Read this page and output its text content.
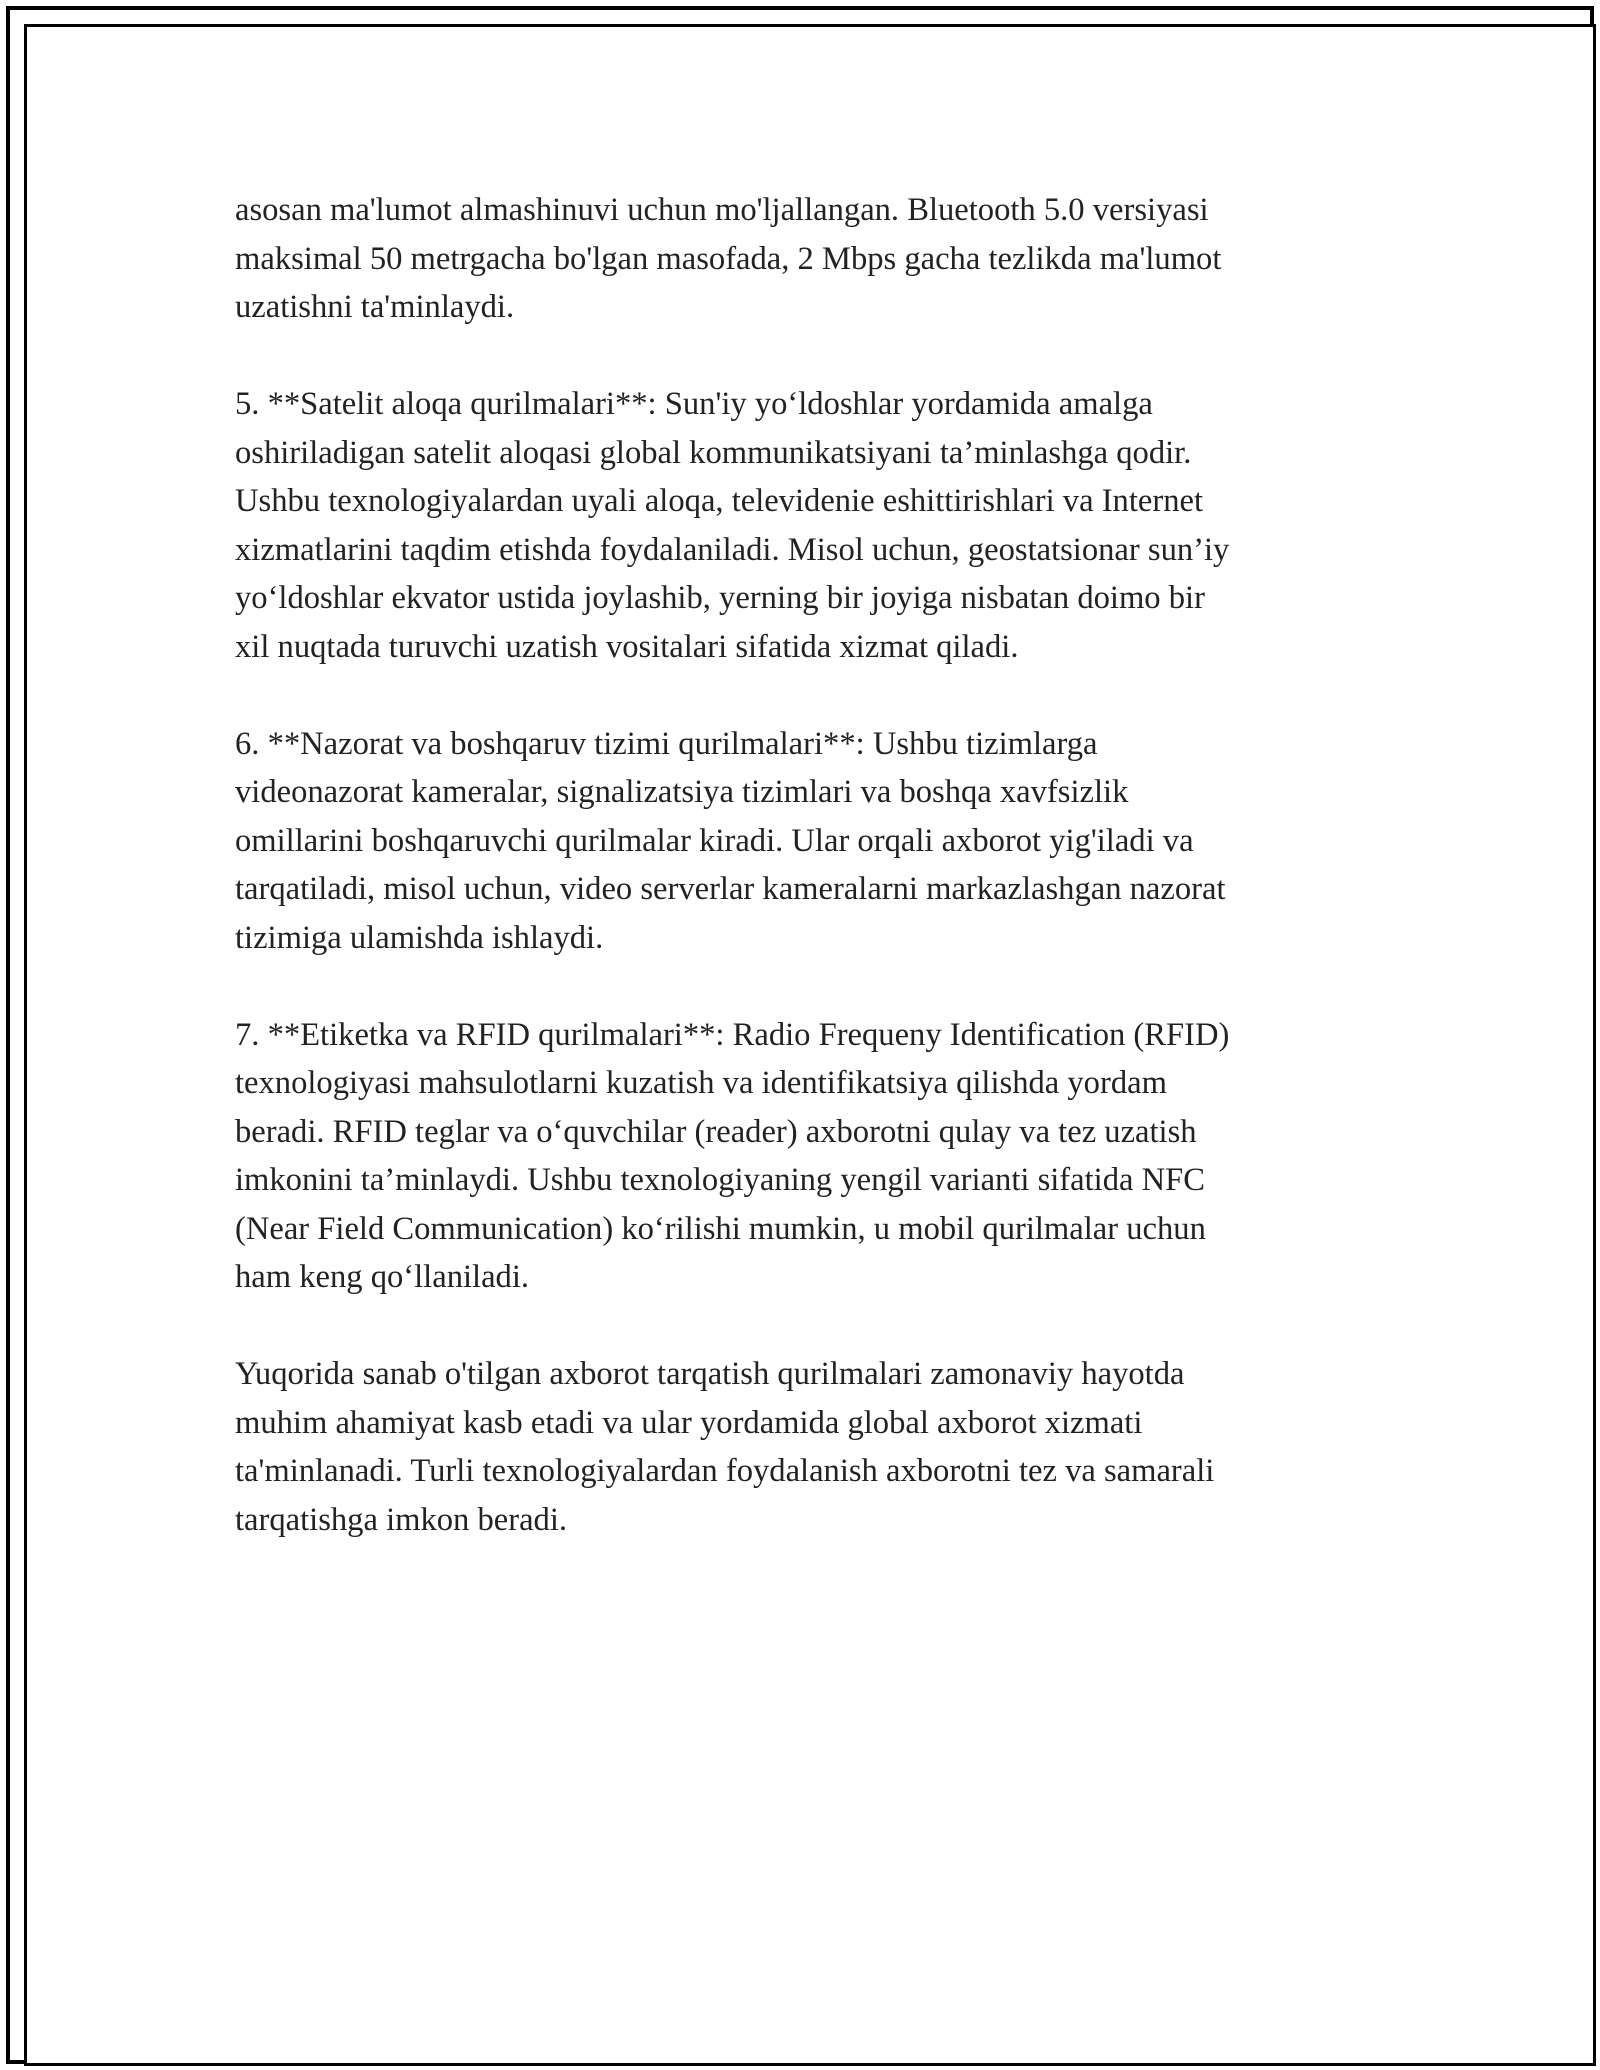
asosan ma'lumot almashinuvi uchun mo'ljallangan. Bluetooth 5.0 versiyasi
maksimal 50 metrgacha bo'lgan masofada, 2 Mbps gacha tezlikda ma'lumot
uzatishni ta'minlaydi.

5. **Satelit aloqa qurilmalari**: Sun'iy yo‘ldoshlar yordamida amalga
oshiriladigan satelit aloqasi global kommunikatsiyani ta’minlashga qodir.
Ushbu texnologiyalardan uyali aloqa, televidenie eshittirishlari va Internet
xizmatlarini taqdim etishda foydalaniladi. Misol uchun, geostatsionar sun’iy
yo‘ldoshlar ekvator ustida joylashib, yerning bir joyiga nisbatan doimo bir
xil nuqtada turuvchi uzatish vositalari sifatida xizmat qiladi.

6. **Nazorat va boshqaruv tizimi qurilmalari**: Ushbu tizimlarga
videonazorat kameralar, signalizatsiya tizimlari va boshqa xavfsizlik
omillarini boshqaruvchi qurilmalar kiradi. Ular orqali axborot yig'iladi va
tarqatiladi, misol uchun, video serverlar kameralarni markazlashgan nazorat
tizimiga ulamishda ishlaydi.

7. **Etiketka va RFID qurilmalari**: Radio Frequeny Identification (RFID)
texnologiyasi mahsulotlarni kuzatish va identifikatsiya qilishda yordam
beradi. RFID teglar va o‘quvchilar (reader) axborotni qulay va tez uzatish
imkonini ta’minlaydi. Ushbu texnologiyaning yengil varianti sifatida NFC
(Near Field Communication) ko‘rilishi mumkin, u mobil qurilmalar uchun
ham keng qo‘llaniladi.

Yuqorida sanab o'tilgan axborot tarqatish qurilmalari zamonaviy hayotda
muhim ahamiyat kasb etadi va ular yordamida global axborot xizmati
ta'minlanadi. Turli texnologiyalardan foydalanish axborotni tez va samarali
tarqatishga imkon beradi.
